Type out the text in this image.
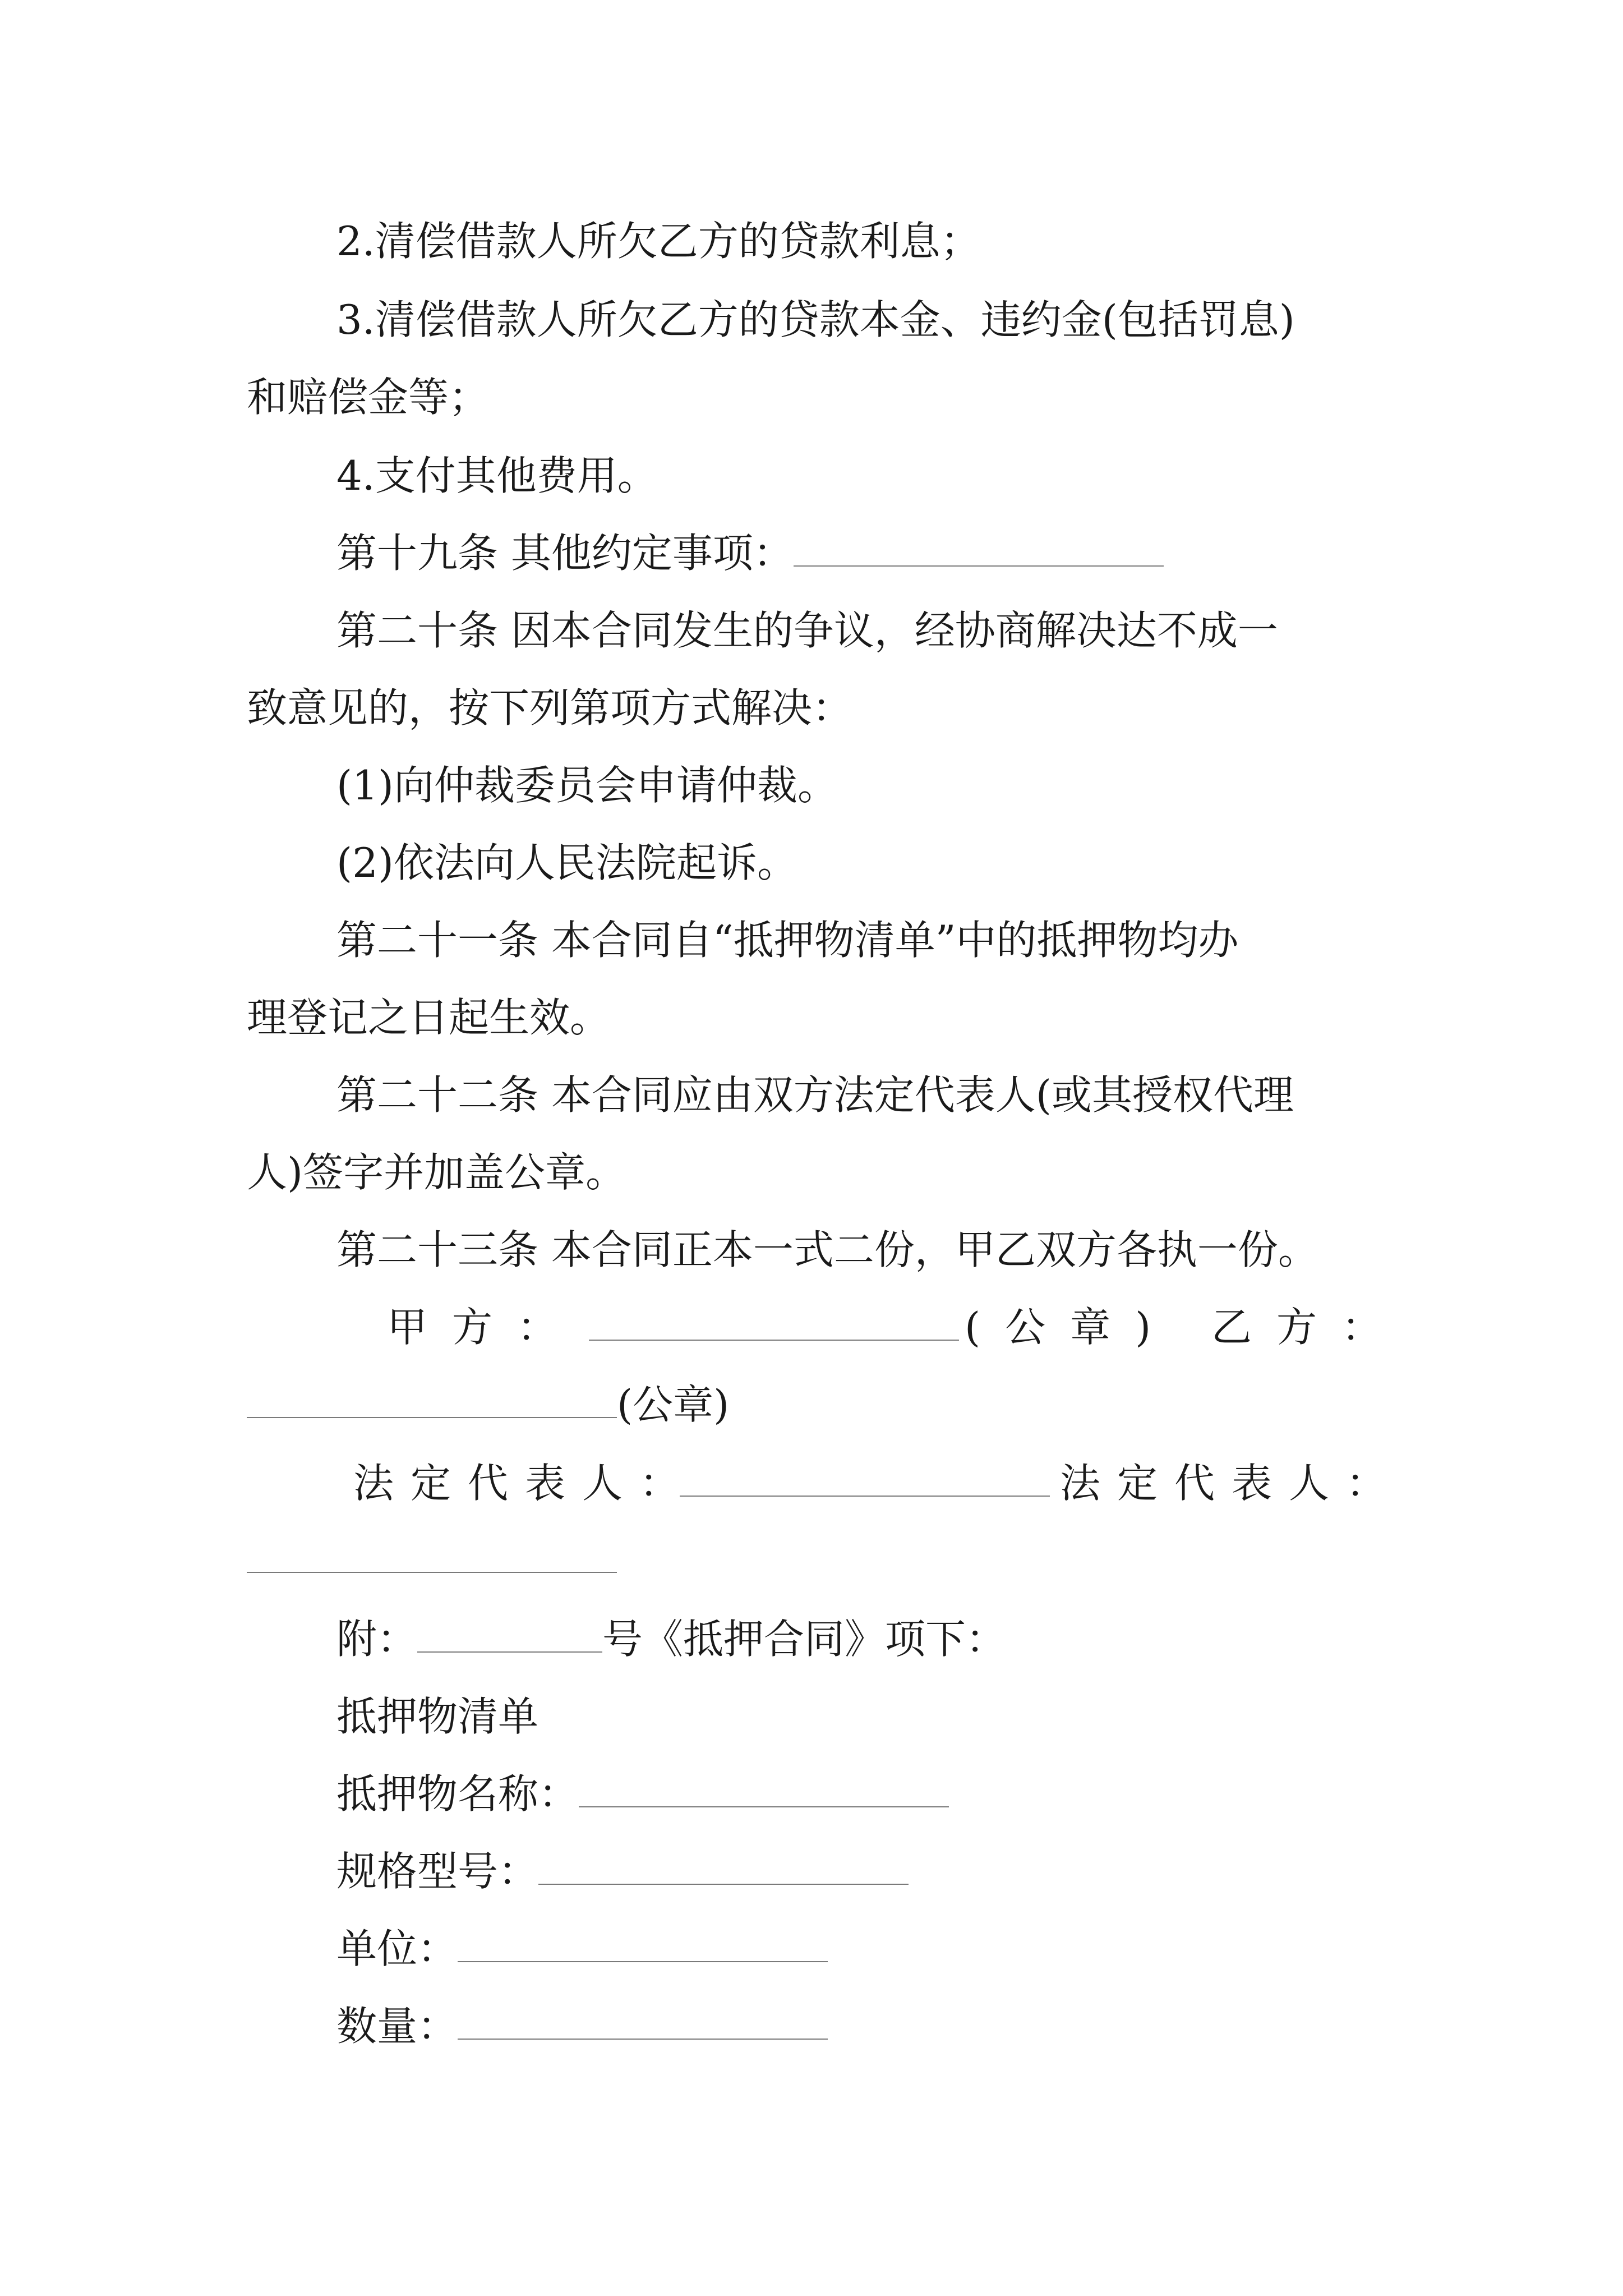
2.清偿借款人所欠乙方的贷款利息；
3.清偿借款人所欠乙方的贷款本金、违约金(包括罚息)
和赔偿金等；
4.支付其他费用。
第十九条 其他约定事项：
第二十条 因本合同发生的争议，经协商解决达不成一
致意见的，按下列第项方式解决：
(1)向仲裁委员会申请仲裁。
(2)依法向人民法院起诉。
第二十一条 本合同自“抵押物清单”中的抵押物均办
理登记之日起生效。
第二十二条 本合同应由双方法定代表人(或其授权代理
人)签字并加盖公章。
第二十三条 本合同正本一式二份，甲乙双方各执一份。
甲方：	(公章) 乙方：
(公章)
法定代表人：	法定代表人：
附：	号《抵押合同》项下：
抵押物清单
抵押物名称：
规格型号：
单位：
数量：
